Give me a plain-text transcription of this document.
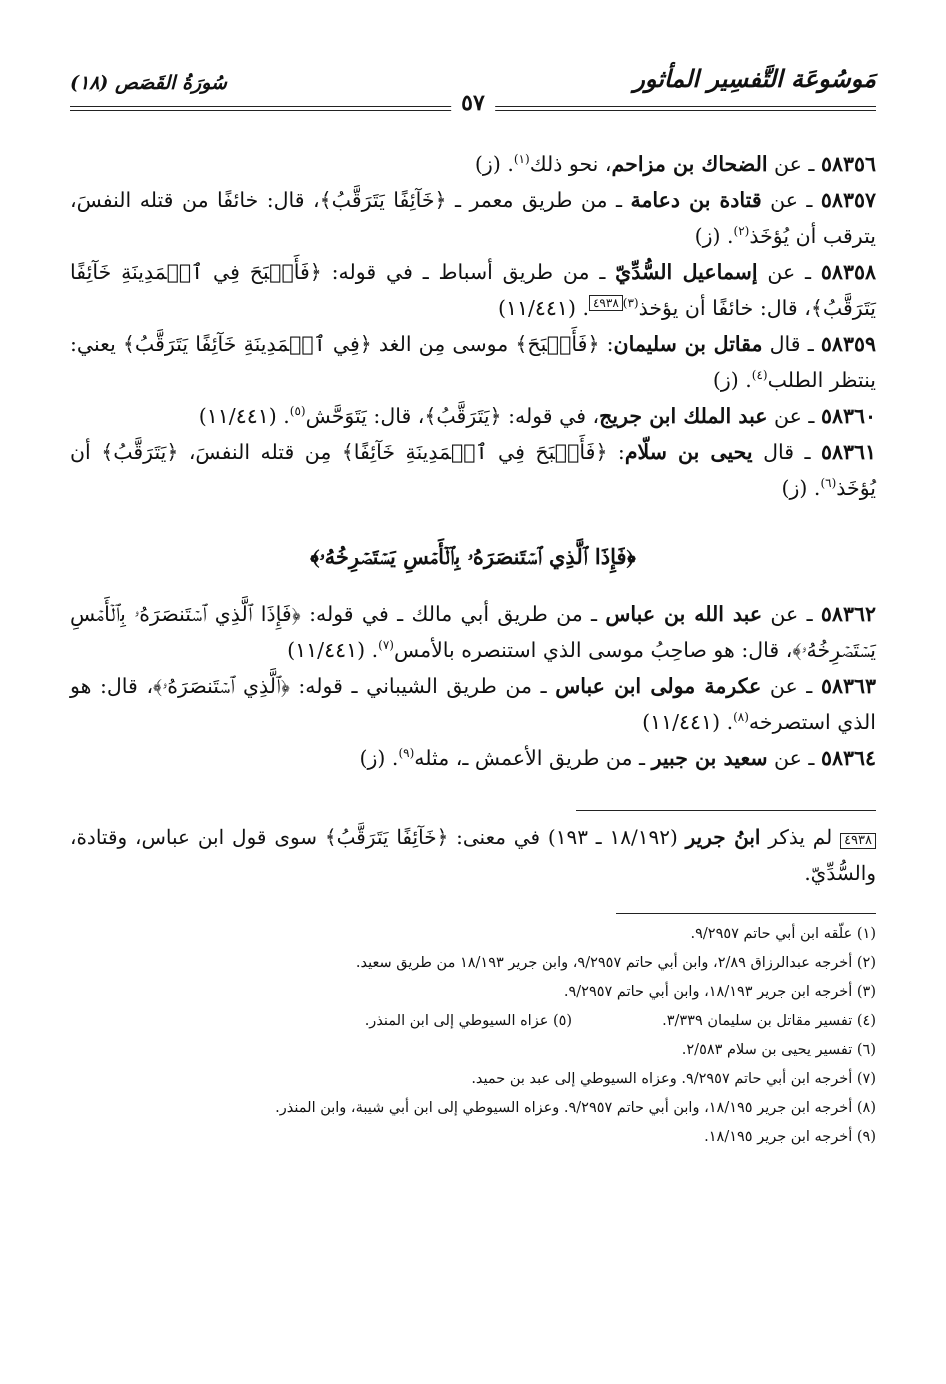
مَوسُوعَة التَّفسِير المأثور
سُورَةُ القَصَص (١٨)
٥٧

٥٨٣٥٦ ـ عن الضحاك بن مزاحم، نحو ذلك$^{(١)}$. (ز)

٥٨٣٥٧ ـ عن قتادة بن دعامة ـ من طريق معمر ـ ﴿خَآئِفًا يَتَرَقَّبُ﴾، قال: خائفًا من قتله النفسَ، يترقب أن يُؤخَذ$^{(٢)}$. (ز)

٥٨٣٥٨ ـ عن إسماعيل السُّدِّيّ ـ من طريق أسباط ـ في قوله: ﴿فَأَصۡبَحَ فِي ٱلۡمَدِينَةِ خَآئِفًا يَتَرَقَّبُ﴾، قال: خائفًا أن يؤخذ$^{(٣)}$٤٩٣٨. (١١/٤٤١)

٥٨٣٥٩ ـ قال مقاتل بن سليمان: ﴿فَأَصۡبَحَ﴾ موسى مِن الغد ﴿فِي ٱلۡمَدِينَةِ خَآئِفًا يَتَرَقَّبُ﴾ يعني: ينتظر الطلب$^{(٤)}$. (ز)

٥٨٣٦٠ ـ عن عبد الملك ابن جريج، في قوله: ﴿يَتَرَقَّبُ﴾، قال: يَتَوَحَّش$^{(٥)}$. (١١/٤٤١)

٥٨٣٦١ ـ قال يحيى بن سلّام: ﴿فَأَصۡبَحَ فِي ٱلۡمَدِينَةِ خَآئِفًا﴾ مِن قتله النفسَ، ﴿يَتَرَقَّبُ﴾ أن يُؤخَذ$^{(٦)}$. (ز)

﴿فَإِذَا ٱلَّذِي ٱسۡتَنصَرَهُۥ بِٱلۡأَمۡسِ يَسۡتَصۡرِخُهُۥ﴾

٥٨٣٦٢ ـ عن عبد الله بن عباس ـ من طريق أبي مالك ـ في قوله: ﴿فَإِذَا ٱلَّذِي ٱسۡتَنصَرَهُۥ بِٱلۡأَمۡسِ يَسۡتَصۡرِخُهُۥ﴾، قال: هو صاحِبُ موسى الذي استنصره بالأمس$^{(٧)}$. (١١/٤٤١)

٥٨٣٦٣ ـ عن عكرمة مولى ابن عباس ـ من طريق الشيباني ـ قوله: ﴿ٱلَّذِي ٱسۡتَنصَرَهُۥ﴾، قال: هو الذي استصرخه$^{(٨)}$. (١١/٤٤١)

٥٨٣٦٤ ـ عن سعيد بن جبير ـ من طريق الأعمش ـ، مثله$^{(٩)}$. (ز)

٤٩٣٨ لم يذكر ابنُ جرير (١٨/١٩٢ ـ ١٩٣) في معنى: ﴿خَآئِفًا يَتَرَقَّبُ﴾ سوى قول ابن عباس، وقتادة، والسُّدِّيّ.
(١) علّقه ابن أبي حاتم ٩/٢٩٥٧.
(٢) أخرجه عبدالرزاق ٢/٨٩، وابن أبي حاتم ٩/٢٩٥٧، وابن جرير ١٨/١٩٣ من طريق سعيد.
(٣) أخرجه ابن جرير ١٨/١٩٣، وابن أبي حاتم ٩/٢٩٥٧.
(٤) تفسير مقاتل بن سليمان ٣/٣٣٩.
(٥) عزاه السيوطي إلى ابن المنذر.
(٦) تفسير يحيى بن سلام ٢/٥٨٣.
(٧) أخرجه ابن أبي حاتم ٩/٢٩٥٧. وعزاه السيوطي إلى عبد بن حميد.
(٨) أخرجه ابن جرير ١٨/١٩٥، وابن أبي حاتم ٩/٢٩٥٧. وعزاه السيوطي إلى ابن أبي شيبة، وابن المنذر.
(٩) أخرجه ابن جرير ١٨/١٩٥.
